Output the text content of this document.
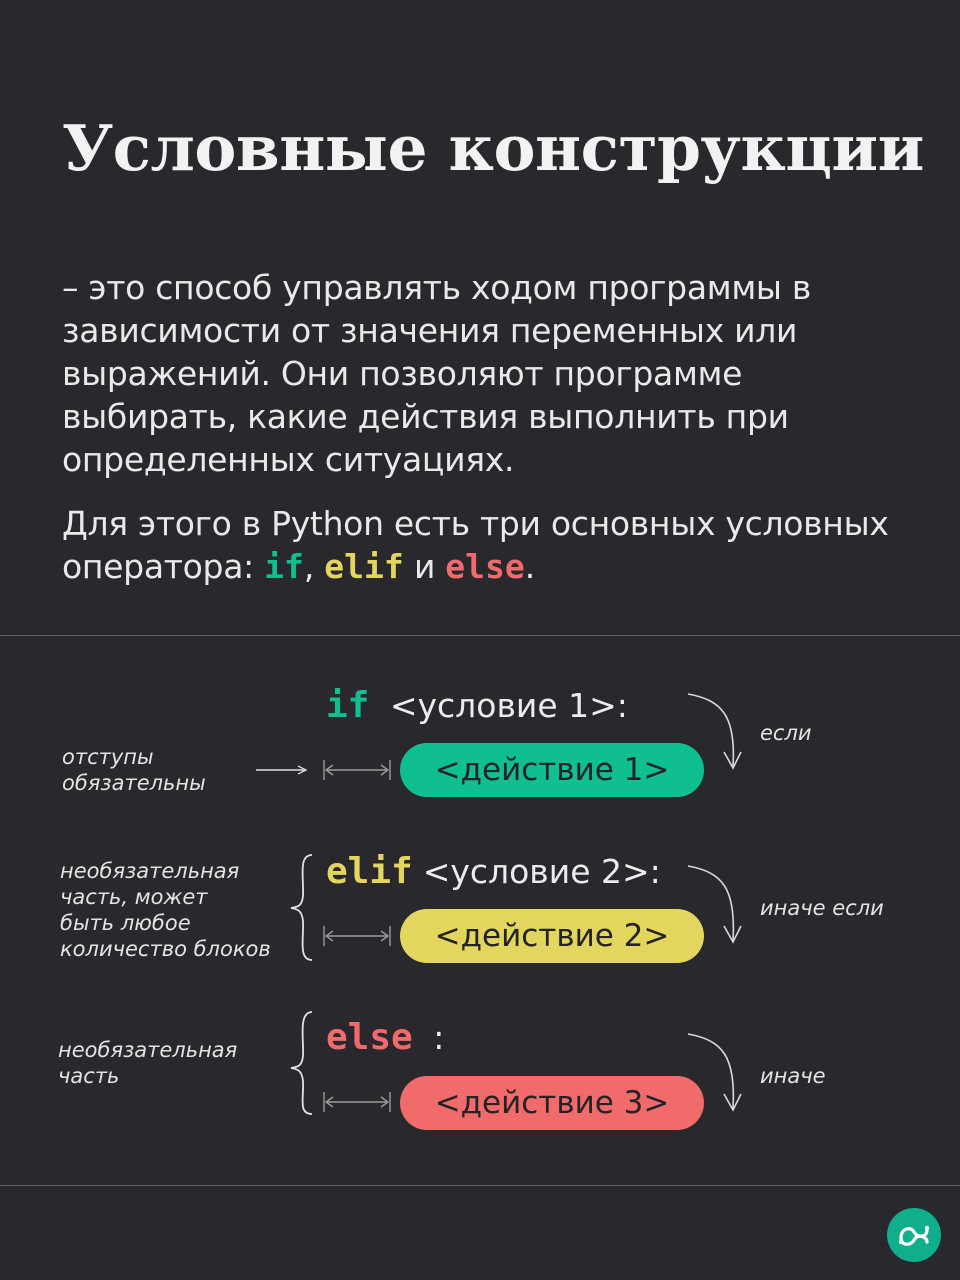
Условные конструкции

– это способ управлять ходом программы в зависимости от значения переменных или выражений. Они позволяют программе выбирать, какие действия выполнить при определенных ситуациях.

Для этого в Python есть три основных условных оператора: if, elif и else.

if <условие 1>:
<действие 1>
если
отступы
обязательны
elif <условие 2>:
<действие 2>
иначе если
необязательная
часть, может
быть любое
количество блоков
else :
<действие 3>
иначе
необязательная
часть
